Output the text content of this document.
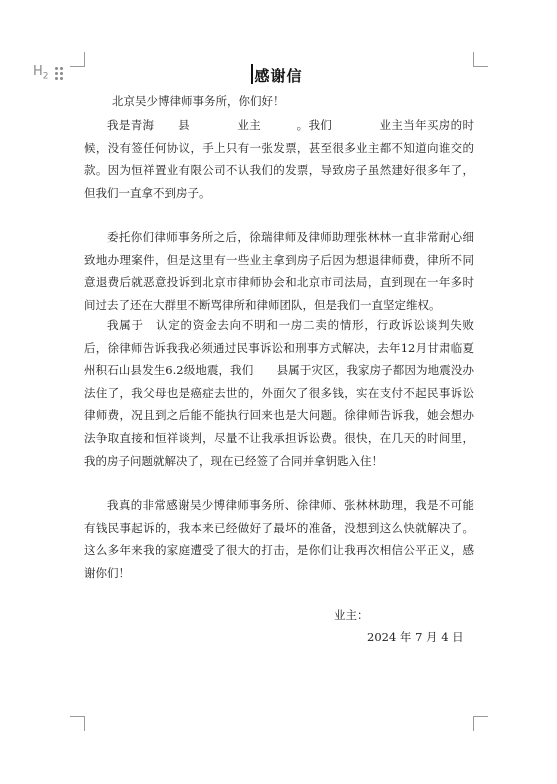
$H_2$	感谢信
北京吴少博律师事务所，你们好！

我是青海　　县　　　　业主　　　。我们　　　　业主当年买房的时候，没有签任何协议，手上只有一张发票，甚至很多业主都不知道向谁交的款。因为恒祥置业有限公司不认我们的发票，导致房子虽然建好很多年了，但我们一直拿不到房子。

委托你们律师事务所之后，徐瑞律师及律师助理张林林一直非常耐心细致地办理案件，但是这里有一些业主拿到房子后因为想退律师费，律所不同意退费后就恶意投诉到北京市律师协会和北京市司法局，直到现在一年多时间过去了还在大群里不断骂律所和律师团队，但是我们一直坚定维权。

我属于　认定的资金去向不明和一房二卖的情形，行政诉讼谈判失败后，徐律师告诉我我必须通过民事诉讼和刑事方式解决，去年12月甘肃临夏州积石山县发生6.2级地震，我们　　县属于灾区，我家房子都因为地震没办法住了，我父母也是癌症去世的，外面欠了很多钱，实在支付不起民事诉讼律师费，况且到之后能不能执行回来也是大问题。徐律师告诉我，她会想办法争取直接和恒祥谈判，尽量不让我承担诉讼费。很快，在几天的时间里，我的房子问题就解决了，现在已经签了合同并拿钥匙入住！

我真的非常感谢吴少博律师事务所、徐律师、张林林助理，我是不可能有钱民事起诉的，我本来已经做好了最坏的准备，没想到这么快就解决了。这么多年来我的家庭遭受了很大的打击，是你们让我再次相信公平正义，感谢你们！

业主：
2024 年 7 月 4 日
